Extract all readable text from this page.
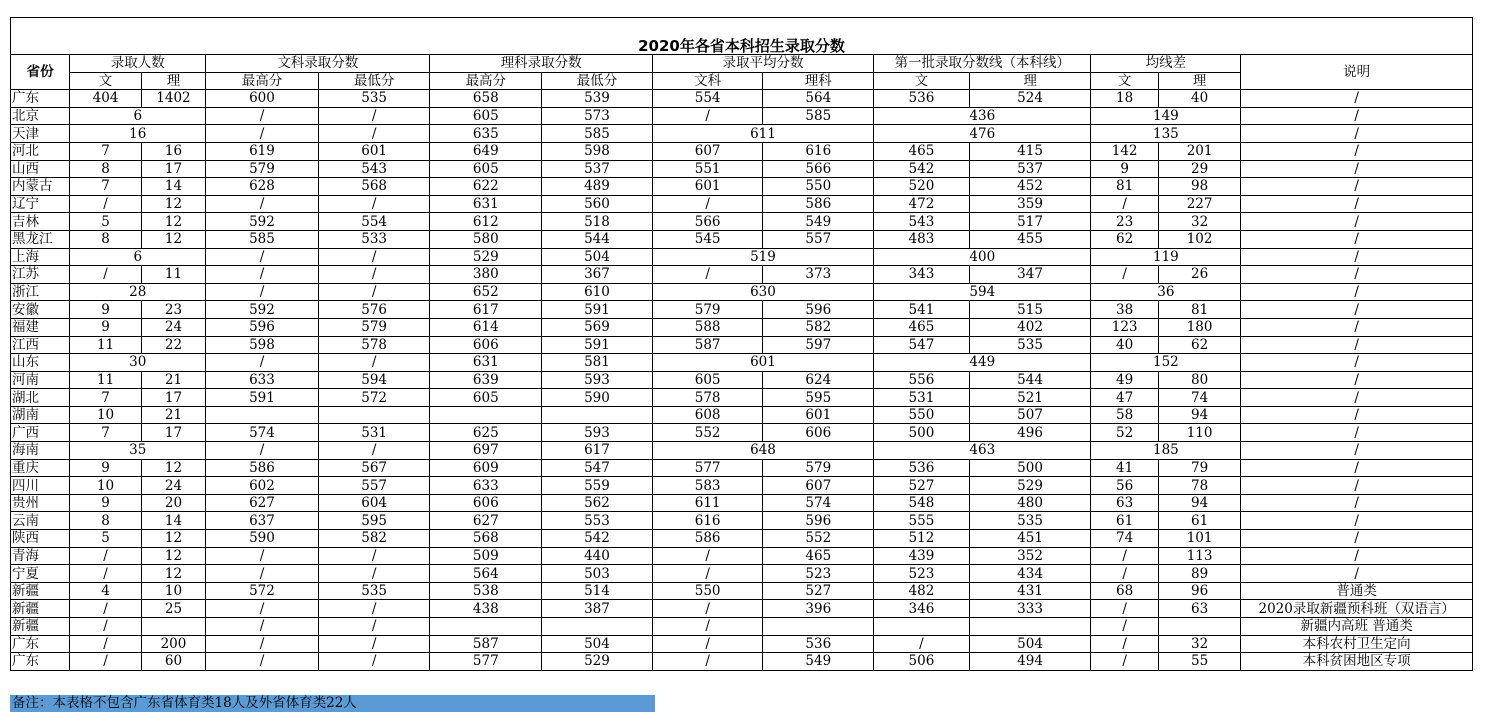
2020年各省本科招生录取分数													
省份	录取人数		文科录取分数		理科录取分数		录取平均分数		第一批录取分数线（本科线）		均线差		说明
	文	理	最高分	最低分	最高分	最低分	文科	理科	文	理	文	理	
广东	404	1402	600	535	658	539	554	564	536	524	18	40	/
北京	6		/	/	605	573	/	585	436		149		/
天津	16		/	/	635	585	611		476		135		/
河北	7	16	619	601	649	598	607	616	465	415	142	201	/
山西	8	17	579	543	605	537	551	566	542	537	9	29	/
内蒙古	7	14	628	568	622	489	601	550	520	452	81	98	/
辽宁	/	12	/	/	631	560	/	586	472	359	/	227	/
吉林	5	12	592	554	612	518	566	549	543	517	23	32	/
黑龙江	8	12	585	533	580	544	545	557	483	455	62	102	/
上海	6		/	/	529	504	519		400		119		/
江苏	/	11	/	/	380	367	/	373	343	347	/	26	/
浙江	28		/	/	652	610	630		594		36		/
安徽	9	23	592	576	617	591	579	596	541	515	38	81	/
福建	9	24	596	579	614	569	588	582	465	402	123	180	/
江西	11	22	598	578	606	591	587	597	547	535	40	62	/
山东	30		/	/	631	581	601		449		152		/
河南	11	21	633	594	639	593	605	624	556	544	49	80	/
湖北	7	17	591	572	605	590	578	595	531	521	47	74	/
湖南	10	21					608	601	550	507	58	94	/
广西	7	17	574	531	625	593	552	606	500	496	52	110	/
海南	35		/	/	697	617	648		463		185		/
重庆	9	12	586	567	609	547	577	579	536	500	41	79	/
四川	10	24	602	557	633	559	583	607	527	529	56	78	/
贵州	9	20	627	604	606	562	611	574	548	480	63	94	/
云南	8	14	637	595	627	553	616	596	555	535	61	61	/
陕西	5	12	590	582	568	542	586	552	512	451	74	101	/
青海	/	12	/	/	509	440	/	465	439	352	/	113	/
宁夏	/	12	/	/	564	503	/	523	523	434	/	89	/
新疆	4	10	572	535	538	514	550	527	482	431	68	96	普通类
新疆	/	25	/	/	438	387	/	396	346	333	/	63	2020录取新疆预科班（双语言）
新疆	/		/	/			/				/		新疆内高班 普通类
广东	/	200	/	/	587	504	/	536	/	504	/	32	本科农村卫生定向
广东	/	60	/	/	577	529	/	549	506	494	/	55	本科贫困地区专项
备注：本表格不包含广东省体育类18人及外省体育类22人
